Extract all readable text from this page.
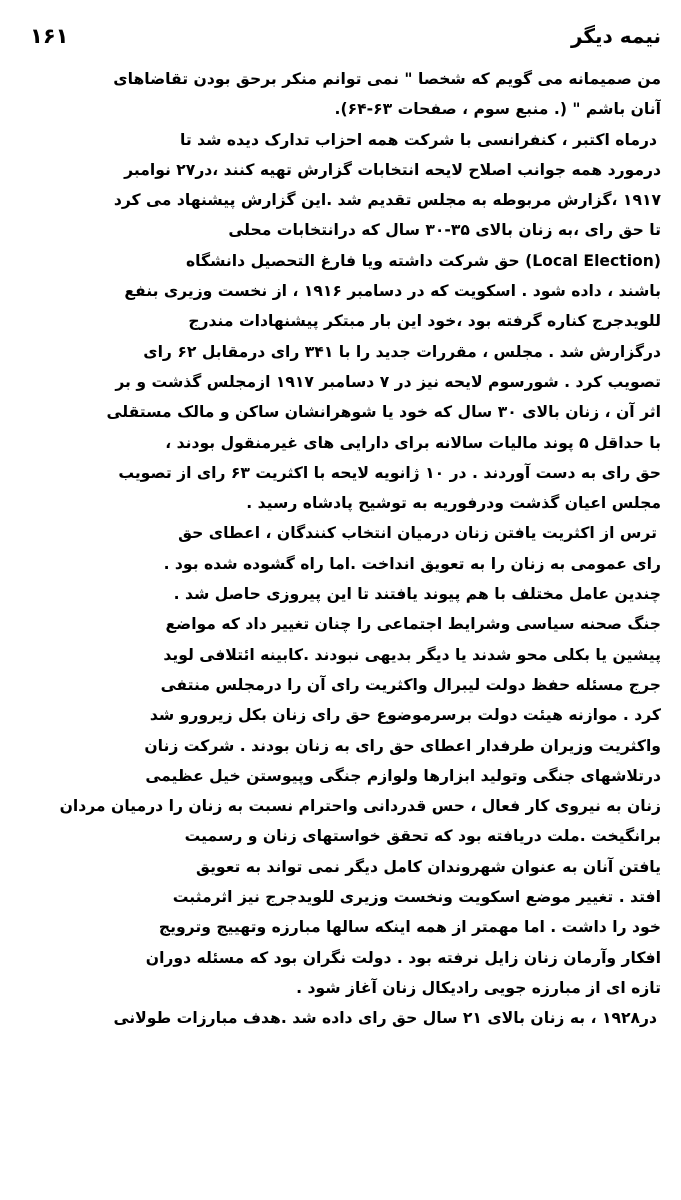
نیمه دیگر
۱۶۱
من صمیمانه می گویم که شخصا " نمی توانم منکر برحق بودن تقاضاهای
آنان باشم " (. منبع سوم ، صفحات ۶۳-۶۴).
درماه اکتبر ، کنفرانسی با شرکت همه احزاب تدارک دیده شد تا
درمورد همه جوانب اصلاح لایحه انتخابات گزارش تهیه کنند ،در۲۷ نوامبر
۱۹۱۷ ،گزارش مربوطه به مجلس تقدیم شد .این گزارش پیشنهاد می کرد
تا حق رای ،به زنان بالای ۳۵-۳۰ سال که درانتخابات محلی
(Local Election) حق شرکت داشته ویا فارغ التحصیل دانشگاه
باشند ، داده شود . اسکویت که در دسامبر ۱۹۱۶ ، از نخست وزیری بنفع
للویدجرج کناره گرفته بود ،خود این بار مبتکر پیشنهادات مندرج
درگزارش شد . مجلس ، مقررات جدید را با ۳۴۱ رای درمقابل ۶۲ رای
تصویب کرد . شورسوم لایحه نیز در ۷ دسامبر ۱۹۱۷ ازمجلس گذشت و بر
اثر آن ، زنان بالای ۳۰ سال که خود یا شوهرانشان ساکن و مالک مستقلی
با حداقل ۵ پوند مالیات سالانه برای دارایی های غیرمنقول بودند ،
حق رای به دست آوردند . در ۱۰ ژانویه لایحه با اکثریت ۶۳ رای از تصویب
مجلس اعیان گذشت ودرفوریه به توشیح پادشاه رسید .
ترس از اکثریت یافتن زنان درمیان انتخاب کنندگان ، اعطای حق
رای عمومی به زنان را به تعویق انداخت .اما راه گشوده شده بود .
چندین عامل مختلف با هم پیوند یافتند تا این پیروزی حاصل شد .
جنگ صحنه سیاسی وشرایط اجتماعی را چنان تغییر داد که مواضع
پیشین یا بکلی محو شدند یا دیگر بدیهی نبودند .کابینه ائتلافی لوید
جرج مسئله حفظ دولت لیبرال واکثریت رای آن را درمجلس منتفی
کرد . موازنه هیئت دولت برسرموضوع حق رای زنان بکل زیرورو شد
واکثریت وزیران طرفدار اعطای حق رای به زنان بودند . شرکت زنان
درتلاشهای جنگی وتولید ابزارها ولوازم جنگی وپیوستن خیل عظیمی
زنان به نیروی کار فعال ، حس قدردانی واحترام نسبت به زنان را درمیان مردان
برانگیخت .ملت دریافته بود که تحقق خواستهای زنان و رسمیت
یافتن آنان به عنوان شهروندان کامل دیگر نمی تواند به تعویق
افتد . تغییر موضع اسکویت ونخست وزیری للویدجرج نیز اثرمثبت
خود را داشت . اما مهمتر از همه اینکه سالها مبارزه وتهییج وترویج
افکار وآرمان زنان زایل نرفته بود . دولت نگران بود که مسئله دوران
تازه ای از مبارزه جویی رادیکال زنان آغاز شود .
در۱۹۲۸ ، به زنان بالای ۲۱ سال حق رای داده شد .هدف مبارزات طولانی
